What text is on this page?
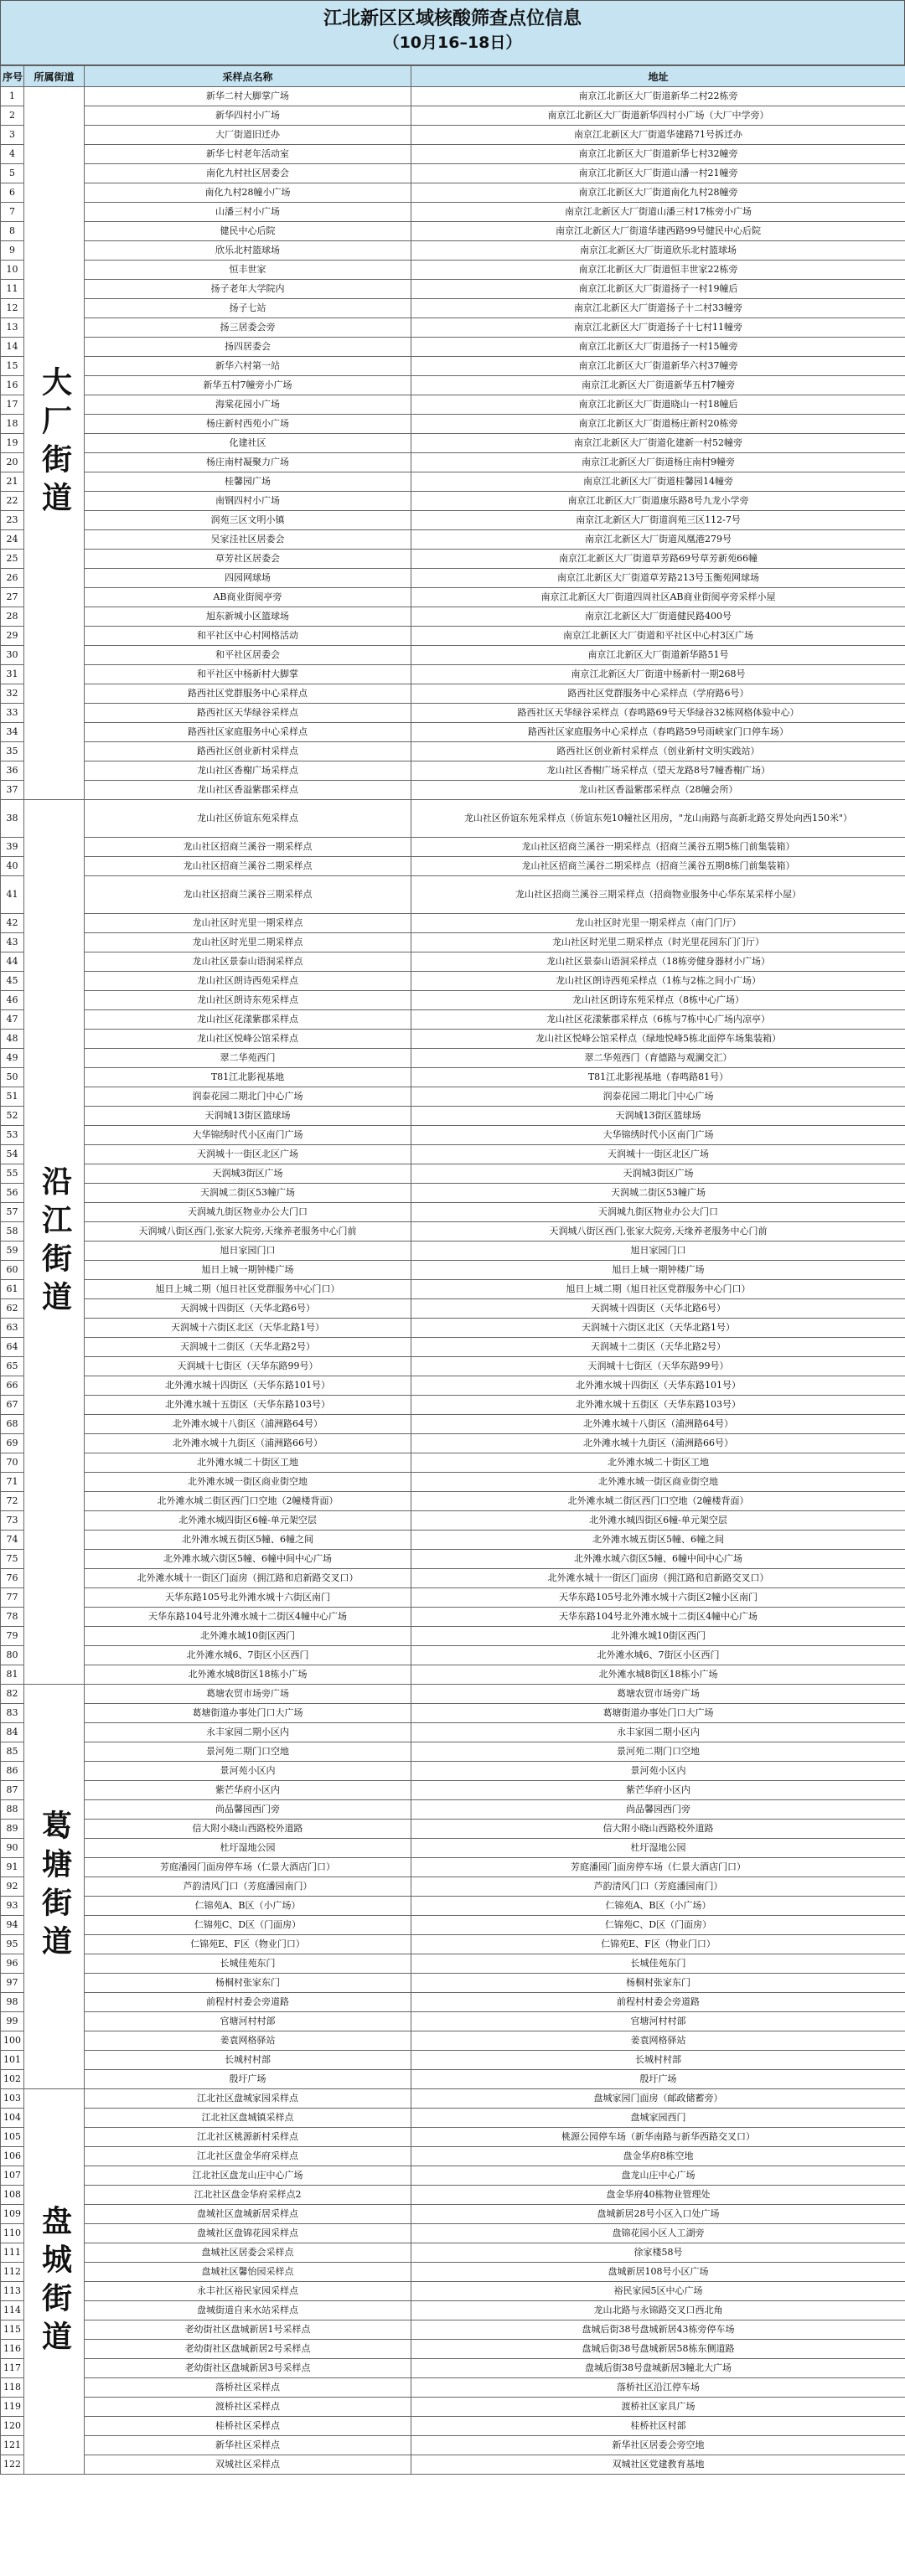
江北新区区域核酸筛查点位信息
（10月16–18日）
序号	所属街道	采样点名称	地址
1	大厂街道	新华二村大脚掌广场	南京江北新区大厂街道新华二村22栋旁
2		新华四村小广场	南京江北新区大厂街道新华四村小广场（大厂中学旁）
3		大厂街道旧迁办	南京江北新区大厂街道华建路71号拆迁办
4		新华七村老年活动室	南京江北新区大厂街道新华七村32幢旁
5		南化九村社区居委会	南京江北新区大厂街道山潘一村21幢旁
6		南化九村28幢小广场	南京江北新区大厂街道南化九村28幢旁
7		山潘三村小广场	南京江北新区大厂街道山潘三村17栋旁小广场
8		健民中心后院	南京江北新区大厂街道华建西路99号健民中心后院
9		欣乐北村篮球场	南京江北新区大厂街道欣乐北村篮球场
10		恒丰世家	南京江北新区大厂街道恒丰世家22栋旁
11		扬子老年大学院内	南京江北新区大厂街道扬子一村19幢后
12		扬子七站	南京江北新区大厂街道扬子十二村33幢旁
13		扬三居委会旁	南京江北新区大厂街道扬子十七村11幢旁
14		扬四居委会	南京江北新区大厂街道扬子一村15幢旁
15		新华六村第一站	南京江北新区大厂街道新华六村37幢旁
16		新华五村7幢旁小广场	南京江北新区大厂街道新华五村7幢旁
17		海棠花园小广场	南京江北新区大厂街道晓山一村18幢后
18		杨庄新村西苑小广场	南京江北新区大厂街道杨庄新村20栋旁
19		化建社区	南京江北新区大厂街道化建新一村52幢旁
20		杨庄南村凝聚力广场	南京江北新区大厂街道杨庄南村9幢旁
21		桂馨园广场	南京江北新区大厂街道桂馨园14幢旁
22		南钢四村小广场	南京江北新区大厂街道康乐路8号九龙小学旁
23		润苑三区文明小镇	南京江北新区大厂街道润苑三区112-7号
24		吴家洼社区居委会	南京江北新区大厂街道凤凰港279号
25		草芳社区居委会	南京江北新区大厂街道草芳路69号草芳新苑66幢
26		四园网球场	南京江北新区大厂街道草芳路213号玉衡苑网球场
27		AB商业街阅亭旁	南京江北新区大厂街道四周社区AB商业街阅亭旁采样小屋
28		旭东新城小区篮球场	南京江北新区大厂街道健民路400号
29		和平社区中心村网格活动	南京江北新区大厂街道和平社区中心村3区广场
30		和平社区居委会	南京江北新区大厂街道新华路51号
31		和平社区中杨新村大脚掌	南京江北新区大厂街道中杨新村一期268号
32		路西社区党群服务中心采样点	路西社区党群服务中心采样点（学府路6号）
33		路西社区天华绿谷采样点	路西社区天华绿谷采样点（春鸣路69号天华绿谷32栋网格体验中心）
34		路西社区家庭服务中心采样点	路西社区家庭服务中心采样点（春鸣路59号雨峡家门口停车场）
35		路西社区创业新村采样点	路西社区创业新村采样点（创业新村文明实践站）
36		龙山社区香榭广场采样点	龙山社区香榭广场采样点（望天龙路8号7幢香榭广场）
37		龙山社区香溢紫郡采样点	龙山社区香溢紫郡采样点（28幢会所）
38	沿江街道	龙山社区侨谊东苑采样点	龙山社区侨谊东苑采样点（侨谊东苑10幢社区用房，"龙山南路与高新北路交界处向西150米"）
39		龙山社区招商兰溪谷一期采样点	龙山社区招商兰溪谷一期采样点（招商兰溪谷五期5栋门前集装箱）
40		龙山社区招商兰溪谷二期采样点	龙山社区招商兰溪谷二期采样点（招商兰溪谷五期8栋门前集装箱）
41		龙山社区招商兰溪谷三期采样点	龙山社区招商兰溪谷三期采样点（招商物业服务中心华东某采样小屋）
42		龙山社区时光里一期采样点	龙山社区时光里一期采样点（南门门厅）
43		龙山社区时光里二期采样点	龙山社区时光里二期采样点（时光里花园东门门厅）
44		龙山社区景泰山语洞采样点	龙山社区景泰山语洞采样点（18栋旁健身器材小广场）
45		龙山社区朗诗西苑采样点	龙山社区朗诗西苑采样点（1栋与2栋之间小广场）
46		龙山社区朗诗东苑采样点	龙山社区朗诗东苑采样点（8栋中心广场）
47		龙山社区花漾紫郡采样点	龙山社区花漾紫郡采样点（6栋与7栋中心广场内凉亭）
48		龙山社区悦峰公馆采样点	龙山社区悦峰公馆采样点（绿地悦峰5栋北面停车场集装箱）
49		翠二华苑西门	翠二华苑西门（育德路与观澜交汇）
50		T81江北影视基地	T81江北影视基地（春鸣路81号）
51		润泰花园二期北门中心广场	润泰花园二期北门中心广场
52		天润城13街区篮球场	天润城13街区篮球场
53		大华锦绣时代小区南门广场	大华锦绣时代小区南门广场
54		天润城十一街区北区广场	天润城十一街区北区广场
55		天润城3街区广场	天润城3街区广场
56		天润城二街区53幢广场	天润城二街区53幢广场
57		天润城九街区物业办公大门口	天润城九街区物业办公大门口
58		天润城八街区西门,张家大院旁,天缘养老服务中心门前	天润城八街区西门,张家大院旁,天缘养老服务中心门前
59		旭日家园门口	旭日家园门口
60		旭日上城一期钟楼广场	旭日上城一期钟楼广场
61		旭日上城二期（旭日社区党群服务中心门口）	旭日上城二期（旭日社区党群服务中心门口）
62		天润城十四街区（天华北路6号）	天润城十四街区（天华北路6号）
63		天润城十六街区北区（天华北路1号）	天润城十六街区北区（天华北路1号）
64		天润城十二街区（天华北路2号）	天润城十二街区（天华北路2号）
65		天润城十七街区（天华东路99号）	天润城十七街区（天华东路99号）
66		北外滩水城十四街区（天华东路101号）	北外滩水城十四街区（天华东路101号）
67		北外滩水城十五街区（天华东路103号）	北外滩水城十五街区（天华东路103号）
68		北外滩水城十八街区（浦洲路64号）	北外滩水城十八街区（浦洲路64号）
69		北外滩水城十九街区（浦洲路66号）	北外滩水城十九街区（浦洲路66号）
70		北外滩水城二十街区工地	北外滩水城二十街区工地
71		北外滩水城一街区商业街空地	北外滩水城一街区商业街空地
72		北外滩水城二街区西门口空地（2幢楼背面）	北外滩水城二街区西门口空地（2幢楼背面）
73		北外滩水城四街区6幢-单元架空层	北外滩水城四街区6幢-单元架空层
74		北外滩水城五街区5幢、6幢之间	北外滩水城五街区5幢、6幢之间
75		北外滩水城六街区5幢、6幢中间中心广场	北外滩水城六街区5幢、6幢中间中心广场
76		北外滩水城十一街区门面房（拥江路和启新路交叉口）	北外滩水城十一街区门面房（拥江路和启新路交叉口）
77		天华东路105号北外滩水城十六街区南门	天华东路105号北外滩水城十六街区2幢小区南门
78		天华东路104号北外滩水城十二街区4幢中心广场	天华东路104号北外滩水城十二街区4幢中心广场
79		北外滩水城10街区西门	北外滩水城10街区西门
80		北外滩水城6、7街区小区西门	北外滩水城6、7街区小区西门
81		北外滩水城8街区18栋小广场	北外滩水城8街区18栋小广场
82	葛塘街道	葛塘农贸市场旁广场	葛塘农贸市场旁广场
83		葛塘街道办事处门口大广场	葛塘街道办事处门口大广场
84		永丰家园二期小区内	永丰家园二期小区内
85		景河苑二期门口空地	景河苑二期门口空地
86		景河苑小区内	景河苑小区内
87		紫芒华府小区内	紫芒华府小区内
88		尚品馨园西门旁	尚品馨园西门旁
89		信大附小晓山西路校外道路	信大附小晓山西路校外道路
90		杜圩湿地公园	杜圩湿地公园
91		芳庭潘园门面房停车场（仁景大酒店门口）	芳庭潘园门面房停车场（仁景大酒店门口）
92		芦韵清风门口（芳庭潘园南门）	芦韵清风门口（芳庭潘园南门）
93		仁锦苑A、B区（小广场）	仁锦苑A、B区（小广场）
94		仁锦苑C、D区（门面房）	仁锦苑C、D区（门面房）
95		仁锦苑E、F区（物业门口）	仁锦苑E、F区（物业门口）
96		长城佳苑东门	长城佳苑东门
97		杨桐村张家东门	杨桐村张家东门
98		前程村村委会旁道路	前程村村委会旁道路
99		官塘河村村部	官塘河村村部
100		姜袁网格驿站	姜袁网格驿站
101		长城村村部	长城村村部
102		殷圩广场	殷圩广场
103	盘城街道	江北社区盘城家园采样点	盘城家园门面房（邮政储蓄旁）
104		江北社区盘城镇采样点	盘城家园西门
105		江北社区桃源新村采样点	桃源公园停车场（新华南路与新华西路交叉口）
106		江北社区盘金华府采样点	盘金华府8栋空地
107		江北社区盘龙山庄中心广场	盘龙山庄中心广场
108		江北社区盘金华府采样点2	盘金华府40栋物业管理处
109		盘城社区盘城新居采样点	盘城新居28号小区入口处广场
110		盘城社区盘锦花园采样点	盘锦花园小区人工湖旁
111		盘城社区居委会采样点	徐家楼58号
112		盘城社区馨怡园采样点	盘城新居108号小区广场
113		永丰社区裕民家园采样点	裕民家园5区中心广场
114		盘城街道自来水站采样点	龙山北路与永锦路交叉口西北角
115		老幼街社区盘城新居1号采样点	盘城后街38号盘城新居43栋旁停车场
116		老幼街社区盘城新居2号采样点	盘城后街38号盘城新居58栋东侧道路
117		老幼街社区盘城新居3号采样点	盘城后街38号盘城新居3幢北大广场
118		落桥社区采样点	落桥社区沿江停车场
119		渡桥社区采样点	渡桥社区家具广场
120		桂桥社区采样点	桂桥社区村部
121		新华社区采样点	新华社区居委会旁空地
122		双城社区采样点	双城社区党建教育基地
